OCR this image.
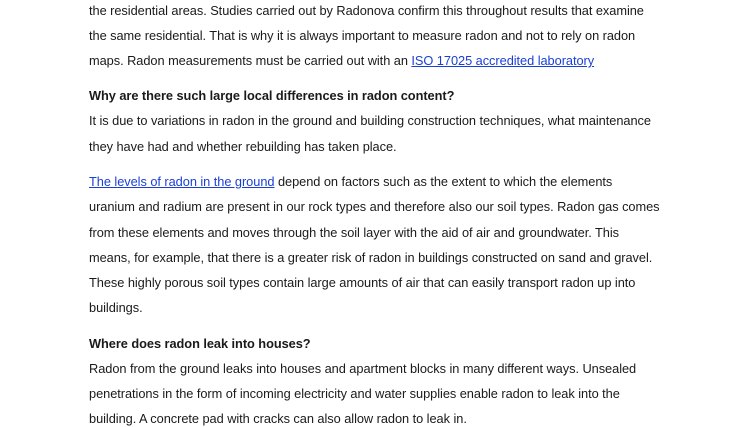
the residential areas. Studies carried out by Radonova confirm this throughout results that examine
the same residential. That is why it is always important to measure radon and not to rely on radon
maps. Radon measurements must be carried out with an ISO 17025 accredited laboratory
Why are there such large local differences in radon content?
It is due to variations in radon in the ground and building construction techniques, what maintenance
they have had and whether rebuilding has taken place.
The levels of radon in the ground depend on factors such as the extent to which the elements
uranium and radium are present in our rock types and therefore also our soil types. Radon gas comes
from these elements and moves through the soil layer with the aid of air and groundwater. This
means, for example, that there is a greater risk of radon in buildings constructed on sand and gravel.
These highly porous soil types contain large amounts of air that can easily transport radon up into
buildings.
Where does radon leak into houses?
Radon from the ground leaks into houses and apartment blocks in many different ways. Unsealed
penetrations in the form of incoming electricity and water supplies enable radon to leak into the
building. A concrete pad with cracks can also allow radon to leak in.
